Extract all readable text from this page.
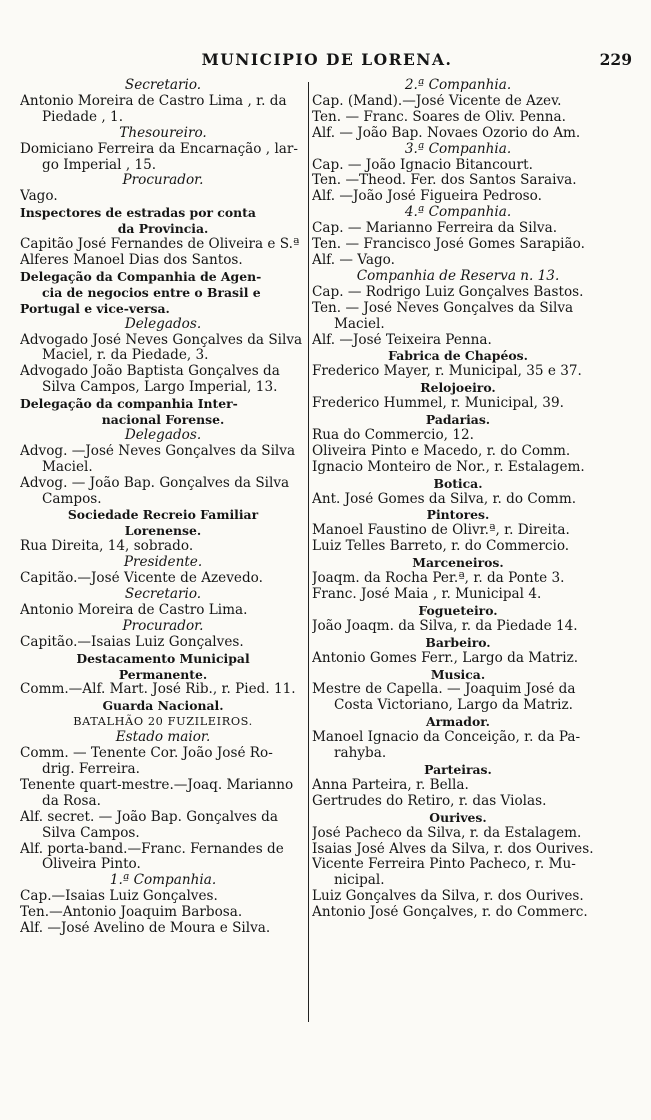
MUNICIPIO DE LORENA.	229
Secretario.
Antonio Moreira de Castro Lima , r. da
Piedade , 1.
Thesoureiro.
Domiciano Ferreira da Encarnação , lar-
go Imperial , 15.
Procurador.
Vago.
Inspectores de estradas por conta
da Provincia.
Capitão José Fernandes de Oliveira e S.ª
Alferes Manoel Dias dos Santos.
Delegação da Companhia de Agen-
cia de negocios entre o Brasil e
Portugal e vice-versa.
Delegados.
Advogado José Neves Gonçalves da Silva
Maciel, r. da Piedade, 3.
Advogado João Baptista Gonçalves da
Silva Campos, Largo Imperial, 13.
Delegação da companhia Inter-
nacional Forense.
Delegados.
Advog. —José Neves Gonçalves da Silva
Maciel.
Advog. — João Bap. Gonçalves da Silva
Campos.
Sociedade Recreio Familiar
Lorenense.
Rua Direita, 14, sobrado.
Presidente.
Capitão.—José Vicente de Azevedo.
Secretario.
Antonio Moreira de Castro Lima.
Procurador.
Capitão.—Isaias Luiz Gonçalves.
Destacamento Municipal
Permanente.
Comm.—Alf. Mart. José Rib., r. Pied. 11.
Guarda Nacional.
BATALHÃO 20 FUZILEIROS.
Estado maior.
Comm. — Tenente Cor. João José Ro-
drig. Ferreira.
Tenente quart-mestre.—Joaq. Marianno
da Rosa.
Alf. secret. — João Bap. Gonçalves da
Silva Campos.
Alf. porta-band.—Franc. Fernandes de
Oliveira Pinto.
1.ª Companhia.
Cap.—Isaias Luiz Gonçalves.
Ten.—Antonio Joaquim Barbosa.
Alf. —José Avelino de Moura e Silva.
2.ª Companhia.
Cap. (Mand).—José Vicente de Azev.
Ten. — Franc. Soares de Oliv. Penna.
Alf. — João Bap. Novaes Ozorio do Am.
3.ª Companhia.
Cap. — João Ignacio Bitancourt.
Ten. —Theod. Fer. dos Santos Saraiva.
Alf. —João José Figueira Pedroso.
4.ª Companhia.
Cap. — Marianno Ferreira da Silva.
Ten. — Francisco José Gomes Sarapião.
Alf. — Vago.
Companhia de Reserva n. 13.
Cap. — Rodrigo Luiz Gonçalves Bastos.
Ten. — José Neves Gonçalves da Silva
Maciel.
Alf. —José Teixeira Penna.
Fabrica de Chapéos.
Frederico Mayer, r. Municipal, 35 e 37.
Relojoeiro.
Frederico Hummel, r. Municipal, 39.
Padarias.
Rua do Commercio, 12.
Oliveira Pinto e Macedo, r. do Comm.
Ignacio Monteiro de Nor., r. Estalagem.
Botica.
Ant. José Gomes da Silva, r. do Comm.
Pintores.
Manoel Faustino de Olivr.ª, r. Direita.
Luiz Telles Barreto, r. do Commercio.
Marceneiros.
Joaqm. da Rocha Per.ª, r. da Ponte 3.
Franc. José Maia , r. Municipal 4.
Fogueteiro.
João Joaqm. da Silva, r. da Piedade 14.
Barbeiro.
Antonio Gomes Ferr., Largo da Matriz.
Musica.
Mestre de Capella. — Joaquim José da
Costa Victoriano, Largo da Matriz.
Armador.
Manoel Ignacio da Conceição, r. da Pa-
rahyba.
Parteiras.
Anna Parteira, r. Bella.
Gertrudes do Retiro, r. das Violas.
Ourives.
José Pacheco da Silva, r. da Estalagem.
Isaias José Alves da Silva, r. dos Ourives.
Vicente Ferreira Pinto Pacheco, r. Mu-
nicipal.
Luiz Gonçalves da Silva, r. dos Ourives.
Antonio José Gonçalves, r. do Commerc.
